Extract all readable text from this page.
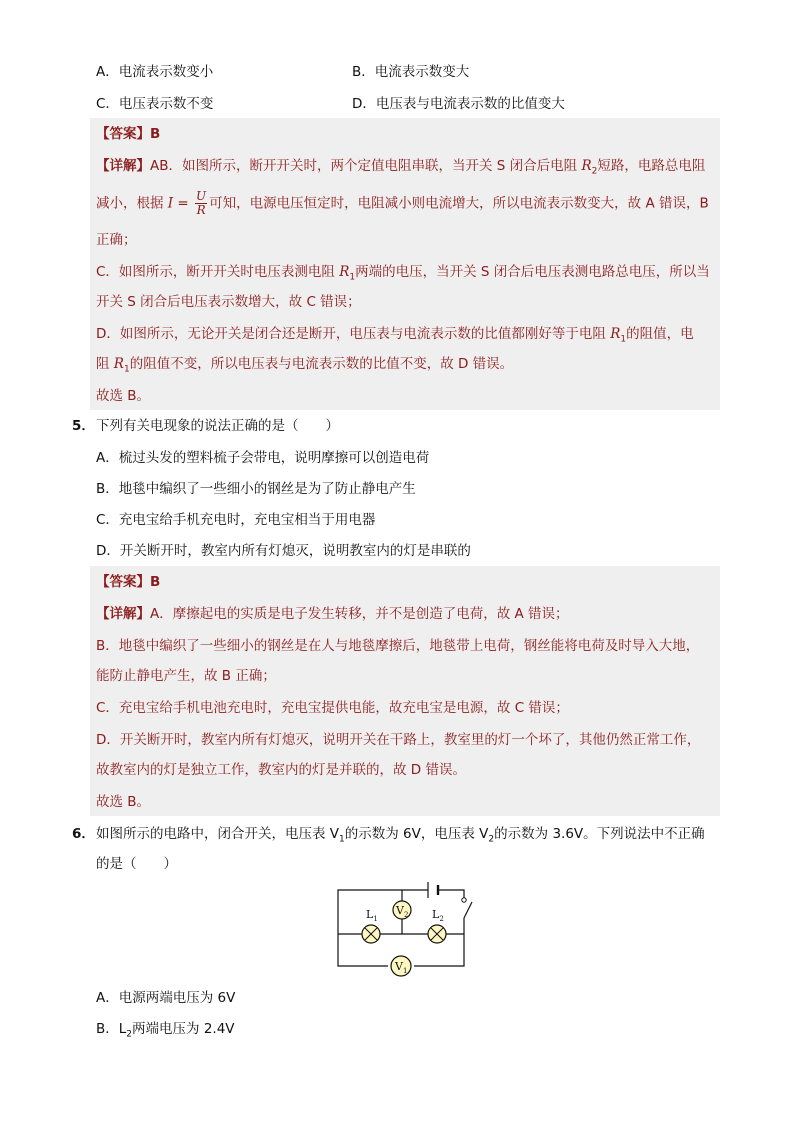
A．电流表示数变小	B．电流表示数变大
C．电压表示数不变	D．电压表与电流表示数的比值变大
【答案】B
【详解】AB．如图所示，断开开关时，两个定值电阻串联，当开关 S 闭合后电阻 $R_2$短路，电路总电阻
减小，根据 $I = \frac{U}{R}$ 可知，电源电压恒定时，电阻减小则电流增大，所以电流表示数变大，故 A 错误，B
正确；
C．如图所示，断开开关时电压表测电阻 $R_1$两端的电压，当开关 S 闭合后电压表测电路总电压，所以当
开关 S 闭合后电压表示数增大，故 C 错误；
D．如图所示，无论开关是闭合还是断开，电压表与电流表示数的比值都刚好等于电阻 $R_1$的阻值，电
阻 $R_1$的阻值不变，所以电压表与电流表示数的比值不变，故 D 错误。
故选 B。
5． 下列有关电现象的说法正确的是（　　）
A．梳过头发的塑料梳子会带电，说明摩擦可以创造电荷
B．地毯中编织了一些细小的钢丝是为了防止静电产生
C．充电宝给手机充电时，充电宝相当于用电器
D．开关断开时，教室内所有灯熄灭，说明教室内的灯是串联的
【答案】B
【详解】A．摩擦起电的实质是电子发生转移，并不是创造了电荷，故 A 错误；
B．地毯中编织了一些细小的钢丝是在人与地毯摩擦后，地毯带上电荷，钢丝能将电荷及时导入大地，
能防止静电产生，故 B 正确；
C．充电宝给手机电池充电时，充电宝提供电能，故充电宝是电源，故 C 错误；
D．开关断开时，教室内所有灯熄灭，说明开关在干路上，教室里的灯一个坏了，其他仍然正常工作，
故教室内的灯是独立工作，教室内的灯是并联的，故 D 错误。
故选 B。
6． 如图所示的电路中，闭合开关，电压表 $V_1$的示数为 6V，电压表 $V_2$的示数为 3.6V。下列说法中不正确
的是（　　）
$L_1$	$L_2$
$V_2$
$V_1$
A．电源两端电压为 6V
B．$L_2$两端电压为 2.4V
